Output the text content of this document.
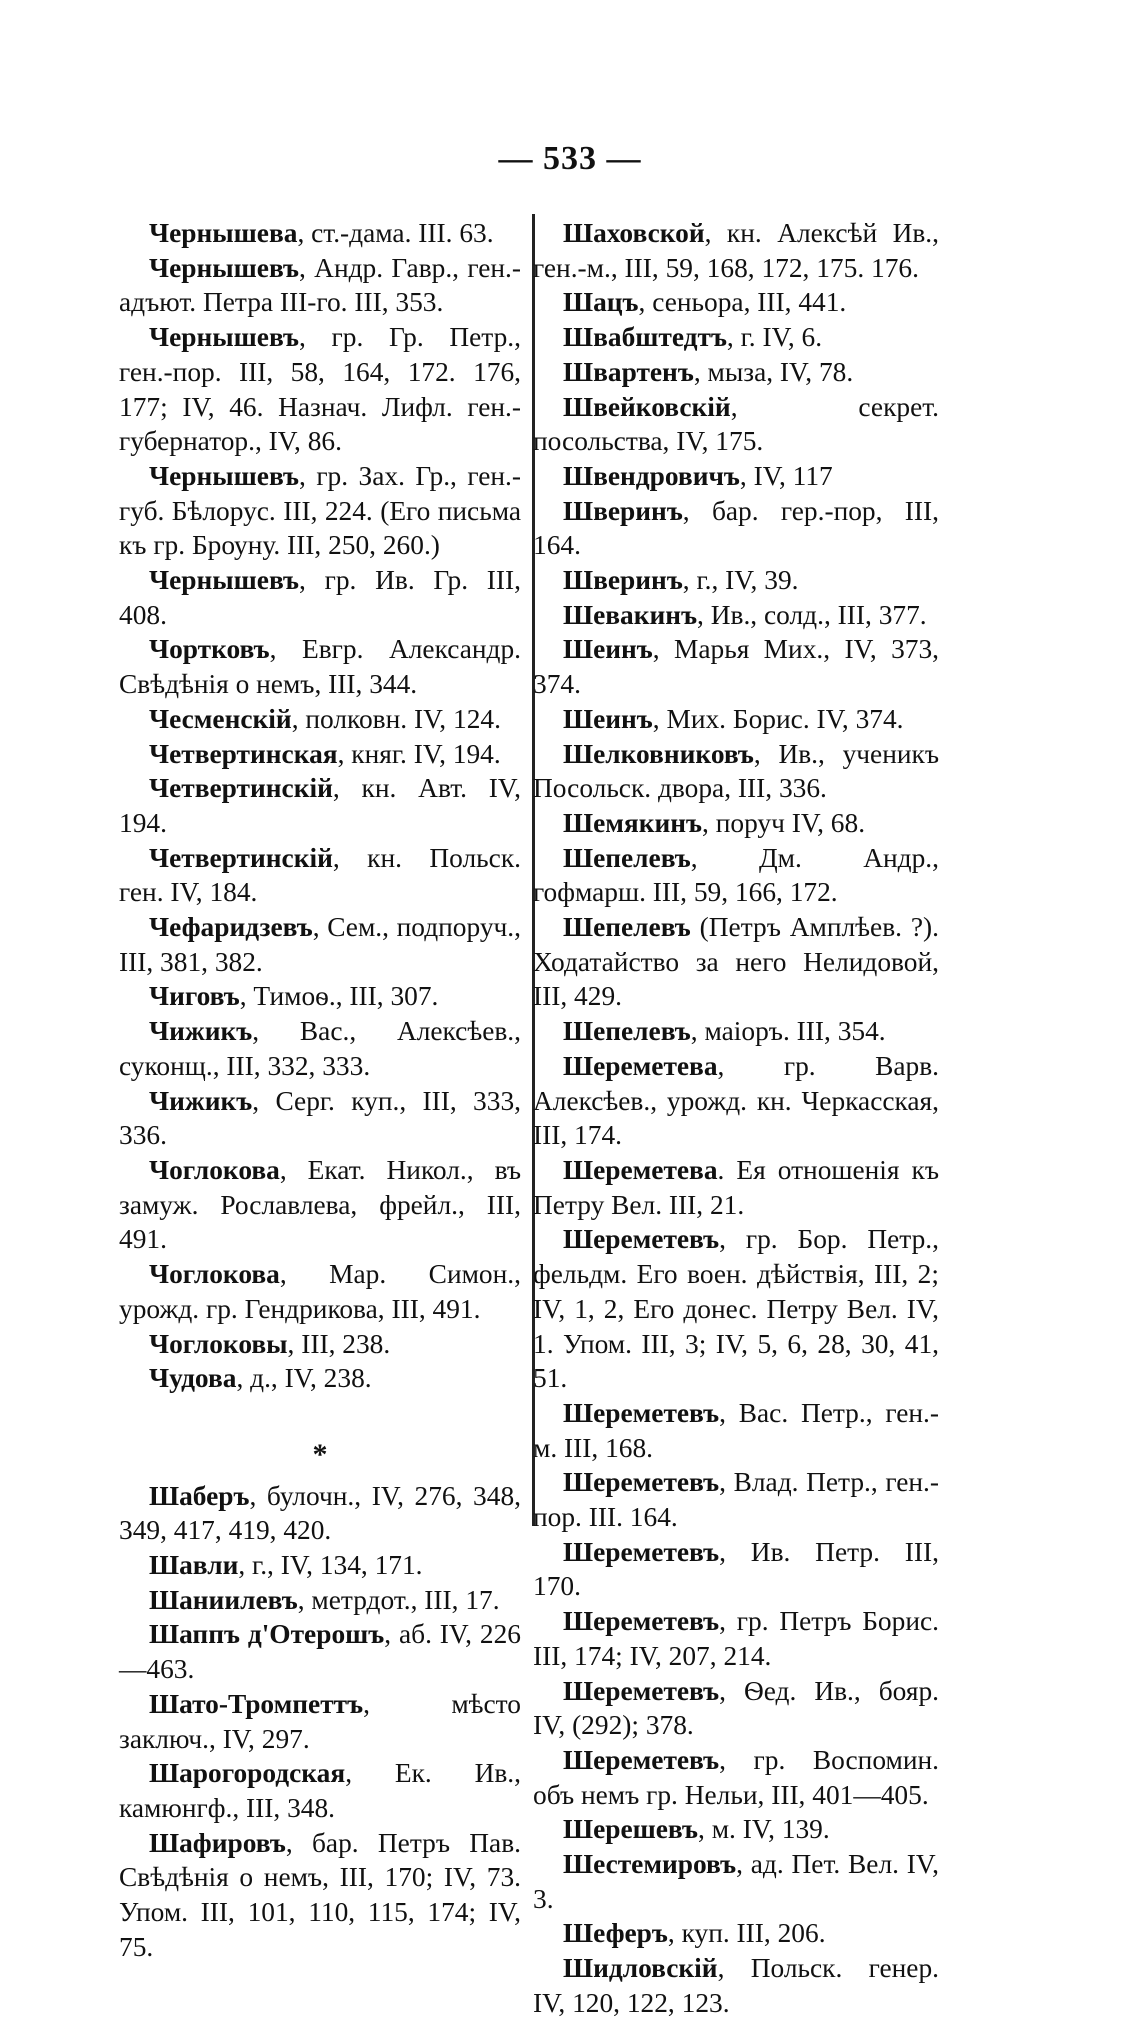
— 533 —

Чернышева, ст.-дама. III. 63.

Чернышевъ, Андр. Гавр., ген.-адъют. Петра III-го. III, 353.

Чернышевъ, гр. Гр. Петр., ген.-пор. III, 58, 164, 172. 176, 177; IV, 46. Назнач. Лифл. ген.-губернатор., IV, 86.

Чернышевъ, гр. Зах. Гр., ген.-губ. Бѣлорус. III, 224. (Его письма къ гр. Броуну. III, 250, 260.)

Чернышевъ, гр. Ив. Гр. III, 408.

Чортковъ, Евгр. Александр. Свѣдѣнія о немъ, III, 344.

Чесменскій, полковн. IV, 124.

Четвертинская, княг. IV, 194.

Четвертинскій, кн. Авт. IV, 194.

Четвертинскій, кн. Польск. ген. IV, 184.

Чефаридзевъ, Сем., подпоруч., III, 381, 382.

Чиговъ, Тимоѳ., III, 307.

Чижикъ, Вас., Алексѣев., суконщ., III, 332, 333.

Чижикъ, Серг. куп., III, 333, 336.

Чоглокова, Екат. Никол., въ замуж. Рославлева, фрейл., III, 491.

Чоглокова, Мар. Симон., урожд. гр. Гендрикова, III, 491.

Чоглоковы, III, 238.

Чудова, д., IV, 238.

*

Шаберъ, булочн., IV, 276, 348, 349, 417, 419, 420.

Шавли, г., IV, 134, 171.

Шаниилевъ, метрдот., III, 17.

Шаппъ д'Отерошъ, аб. IV, 226—463.

Шато-Тромпеттъ, мѣсто заключ., IV, 297.

Шарогородская, Ек. Ив., камюнгф., III, 348.

Шафировъ, бар. Петръ Пав. Свѣдѣнія о немъ, III, 170; IV, 73. Упом. III, 101, 110, 115, 174; IV, 75.

Шаховской, кн. Алексѣй Ив., ген.-м., III, 59, 168, 172, 175. 176.

Шацъ, сеньора, III, 441.

Швабштедтъ, г. IV, 6.

Швартенъ, мыза, IV, 78.

Швейковскій, секрет. посольства, IV, 175.

Швендровичъ, IV, 117

Шверинъ, бар. гер.-пор, III, 164.

Шверинъ, г., IV, 39.

Шевакинъ, Ив., солд., III, 377.

Шеинъ, Марья Мих., IV, 373, 374.

Шеинъ, Мих. Борис. IV, 374.

Шелковниковъ, Ив., ученикъ Посольск. двора, III, 336.

Шемякинъ, поруч IV, 68.

Шепелевъ, Дм. Андр., гофмарш. III, 59, 166, 172.

Шепелевъ (Петръ Амплѣев. ?). Ходатайство за него Нелидовой, III, 429.

Шепелевъ, маіоръ. III, 354.

Шереметева, гр. Варв. Алексѣев., урожд. кн. Черкасская, III, 174.

Шереметева. Ея отношенія къ Петру Вел. III, 21.

Шереметевъ, гр. Бор. Петр., фельдм. Его воен. дѣйствія, III, 2; IV, 1, 2, Его донес. Петру Вел. IV, 1. Упом. III, 3; IV, 5, 6, 28, 30, 41, 51.

Шереметевъ, Вас. Петр., ген.-м. III, 168.

Шереметевъ, Влад. Петр., ген.-пор. III. 164.

Шереметевъ, Ив. Петр. III, 170.

Шереметевъ, гр. Петръ Борис. III, 174; IV, 207, 214.

Шереметевъ, Ѳед. Ив., бояр. IV, (292); 378.

Шереметевъ, гр. Воспомин. объ немъ гр. Нельи, III, 401—405.

Шерешевъ, м. IV, 139.

Шестемировъ, ад. Пет. Вел. IV, 3.

Шеферъ, куп. III, 206.

Шидловскій, Польск. генер. IV, 120, 122, 123.
